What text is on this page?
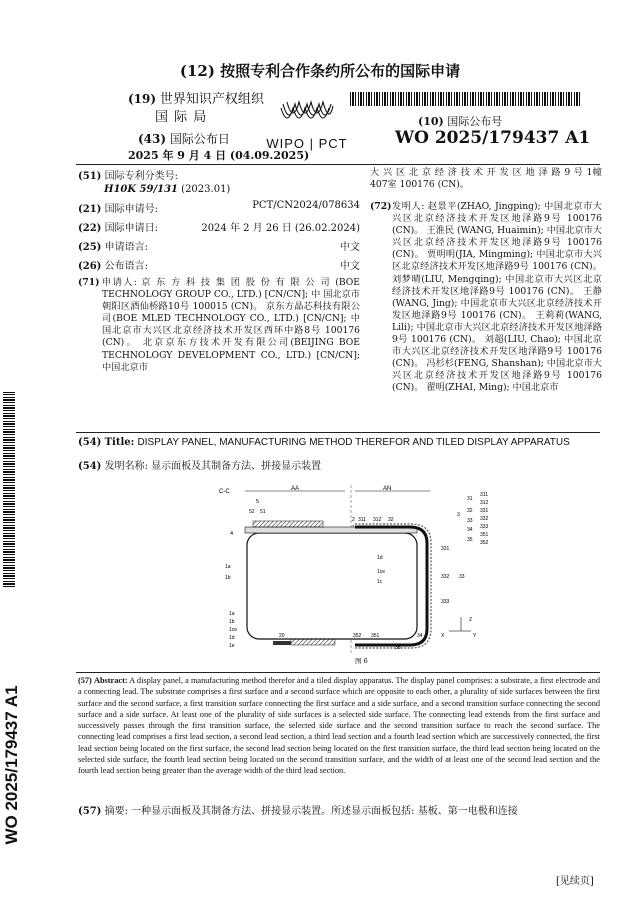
(12) 按照专利合作条约所公布的国际申请
(19) 世界知识产权组织
国 际 局
(43) 国际公布日
2025 年 9 月 4 日 (04.09.2025)
(10) 国际公布号
WO 2025/179437 A1
WIPO | PCT
(51) 国际专利分类号:
H10K 59/131 (2023.01)
(21) 国际申请号:	PCT/CN2024/078634
(22) 国际申请日:	2024 年 2 月 26 日 (26.02.2024)
(25) 申请语言:	中文
(26) 公布语言:	中文
(71) 申请人: 京 东 方 科 技 集 团 股 份 有 限 公 司 (BOE TECHNOLOGY GROUP CO., LTD.) [CN/CN]; 中 国北京市朝阳区酒仙桥路10号 100015 (CN)。 京东方晶芯科技有限公司(BOE MLED TECHNOLOGY CO., LTD.) [CN/CN]; 中国北京市大兴区北京经济技术开发区西环中路8号 100176 (CN)。 北京京东方技术开发有限公司(BEIJING BOE TECHNOLOGY DEVELOPMENT CO., LTD.) [CN/CN]; 中国北京市
大 兴 区 北 京 经 济 技 术 开 发 区 地 泽 路 9 号 1幢407室 100176 (CN)。
(72) 发明人: 赵景平(ZHAO, Jingping); 中国北京市大兴区北京经济技术开发区地泽路9号 100176 (CN)。 王淮民 (WANG, Huaimin); 中国北京市大兴区北京经济技术开发区地泽路9号 100176 (CN)。 贾明明(JIA, Mingming); 中国北京市大兴区北京经济技术开发区地泽路9号 100176 (CN)。 刘梦晴(LIU, Mengqing); 中国北京市大兴区北京经济技术开发区地泽路9号 100176 (CN)。 王静 (WANG, Jing); 中国北京市大兴区北京经济技术开发区地泽路9号 100176 (CN)。 王莉莉(WANG, Lili); 中国北京市大兴区北京经济技术开发区地泽路9号 100176 (CN)。 刘超(LIU, Chao); 中国北京市大兴区北京经济技术开发区地泽路9号 100176 (CN)。 冯杉杉(FENG, Shanshan); 中国北京市大兴区北京经济技术开发区地泽路9号 100176 (CN)。 翟明(ZHAI, Ming); 中国北京市
(54) Title: DISPLAY PANEL, MANUFACTURING METHOD THEREFOR AND TILED DISPLAY APPARATUS
(54) 发明名称: 显示面板及其制备方法、拼接显示装置
C-C	AA	AN
5
52 51
4
2 311 312 32
311
312
331
332
333
351
352
31
32
33
34
35
3
331
332 33
333
1d
1ce
1c
1a
1b
1a
1b
1ce
1d
1e
20	352 351	34
35
Z
X	Y
图 6
(57) Abstract: A display panel, a manufacturing method therefor and a tiled display apparatus. The display panel comprises: a substrate, a first electrode and a connecting lead. The substrate comprises a first surface and a second surface which are opposite to each other, a plurality of side surfaces between the first surface and the second surface, a first transition surface connecting the first surface and a side surface, and a second transition surface connecting the second surface and a side surface. At least one of the plurality of side surfaces is a selected side surface. The connecting lead extends from the first surface and successively passes through the first transition surface, the selected side surface and the second transition surface to reach the second surface. The connecting lead comprises a first lead section, a second lead section, a third lead section and a fourth lead section which are successively connected, the first lead section being located on the first surface, the second lead section being located on the first transition surface, the third lead section being located on the selected side surface, the fourth lead section being located on the second transition surface, and the width of at least one of the second lead section and the fourth lead section being greater than the average width of the third lead section.
(57) 摘要: 一种显示面板及其制备方法、拼接显示装置。所述显示面板包括: 基板、第一电极和连接
[见续页]
WO 2025/179437 A1
